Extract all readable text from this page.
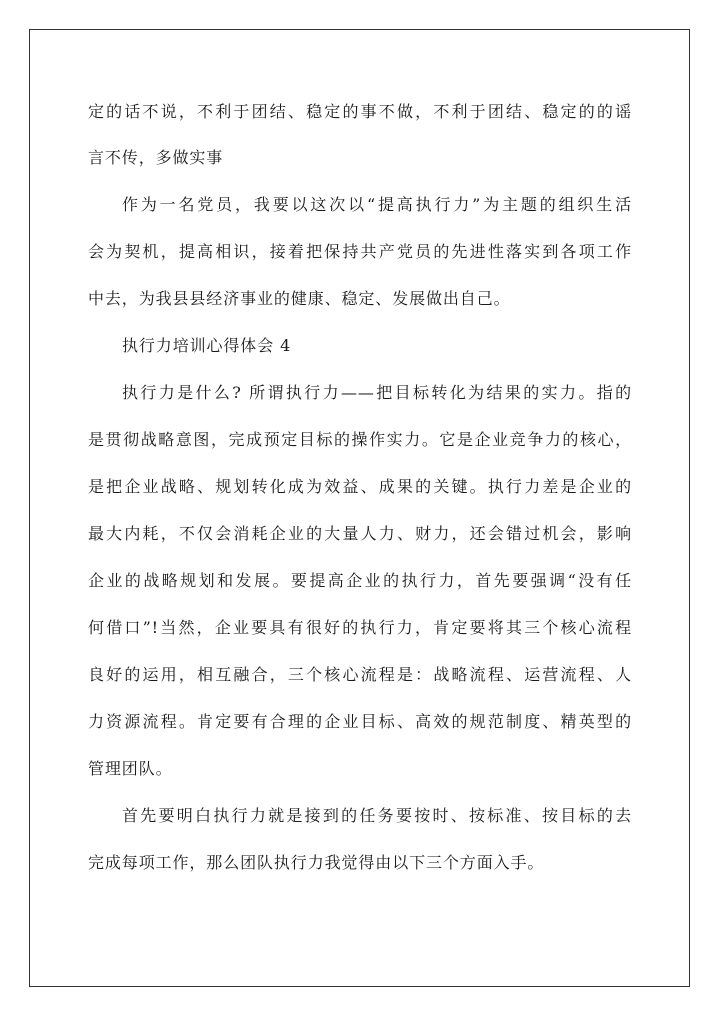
定的话不说，不利于团结、稳定的事不做，不利于团结、稳定的的谣
言不传，多做实事
作为一名党员，我要以这次以“提高执行力”为主题的组织生活
会为契机，提高相识，接着把保持共产党员的先进性落实到各项工作
中去，为我县县经济事业的健康、稳定、发展做出自己。
执行力培训心得体会 4
执行力是什么? 所谓执行力——把目标转化为结果的实力。指的
是贯彻战略意图，完成预定目标的操作实力。它是企业竞争力的核心，
是把企业战略、规划转化成为效益、成果的关键。执行力差是企业的
最大内耗，不仅会消耗企业的大量人力、财力，还会错过机会，影响
企业的战略规划和发展。要提高企业的执行力，首先要强调“没有任
何借口”!当然，企业要具有很好的执行力，肯定要将其三个核心流程
良好的运用，相互融合，三个核心流程是：战略流程、运营流程、人
力资源流程。肯定要有合理的企业目标、高效的规范制度、精英型的
管理团队。
首先要明白执行力就是接到的任务要按时、按标准、按目标的去
完成每项工作，那么团队执行力我觉得由以下三个方面入手。
